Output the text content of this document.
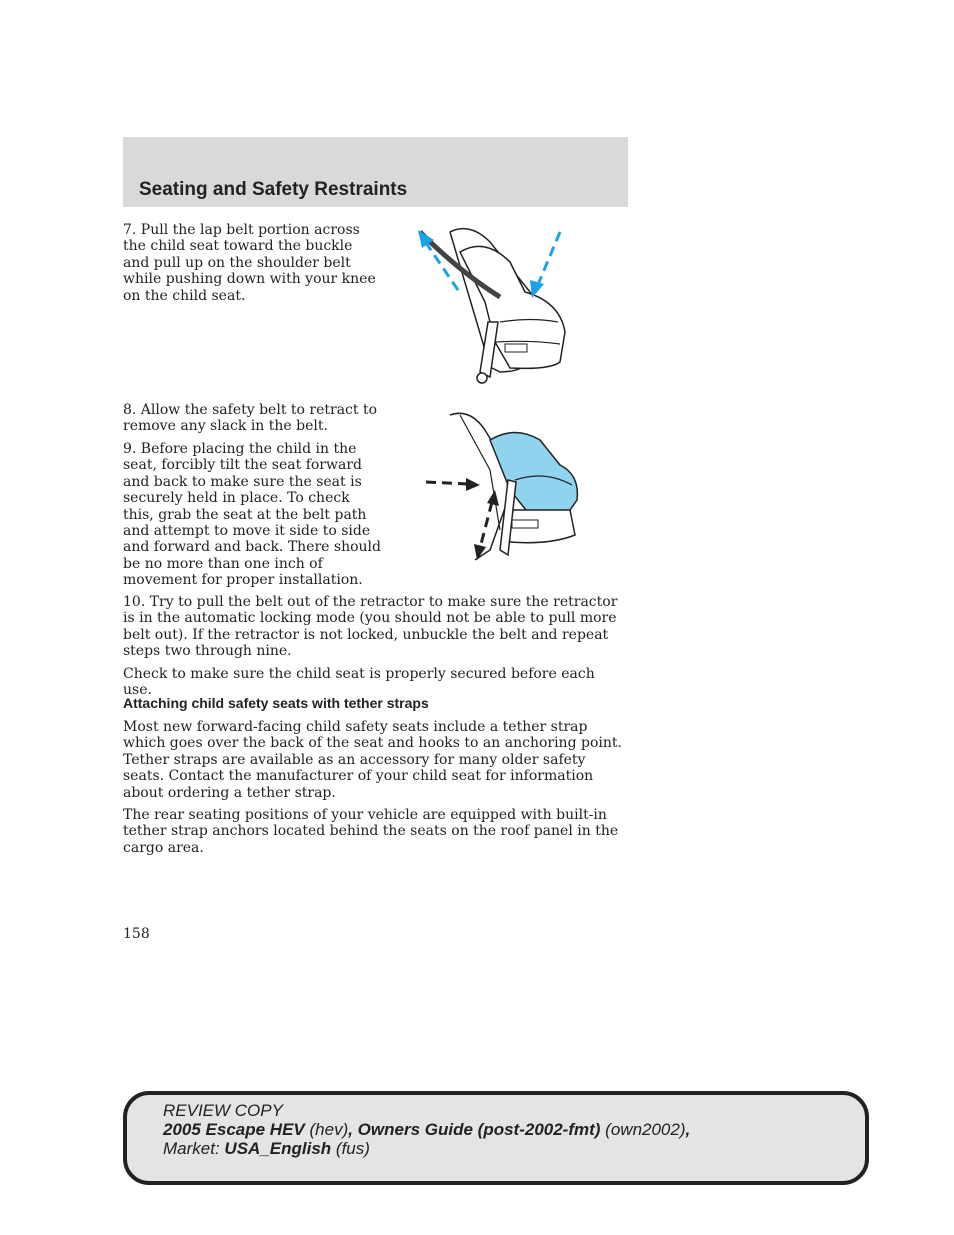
Seating and Safety Restraints

7. Pull the lap belt portion across the child seat toward the buckle and pull up on the shoulder belt while pushing down with your knee on the child seat.

8. Allow the safety belt to retract to remove any slack in the belt.

9. Before placing the child in the seat, forcibly tilt the seat forward and back to make sure the seat is securely held in place. To check this, grab the seat at the belt path and attempt to move it side to side and forward and back. There should be no more than one inch of movement for proper installation.

10. Try to pull the belt out of the retractor to make sure the retractor is in the automatic locking mode (you should not be able to pull more belt out). If the retractor is not locked, unbuckle the belt and repeat steps two through nine.

Check to make sure the child seat is properly secured before each use.

Attaching child safety seats with tether straps

Most new forward-facing child safety seats include a tether strap which goes over the back of the seat and hooks to an anchoring point. Tether straps are available as an accessory for many older safety seats. Contact the manufacturer of your child seat for information about ordering a tether strap.

The rear seating positions of your vehicle are equipped with built-in tether strap anchors located behind the seats on the roof panel in the cargo area.

158
REVIEW COPY
2005 Escape HEV (hev), Owners Guide (post-2002-fmt) (own2002),
Market: USA_English (fus)
